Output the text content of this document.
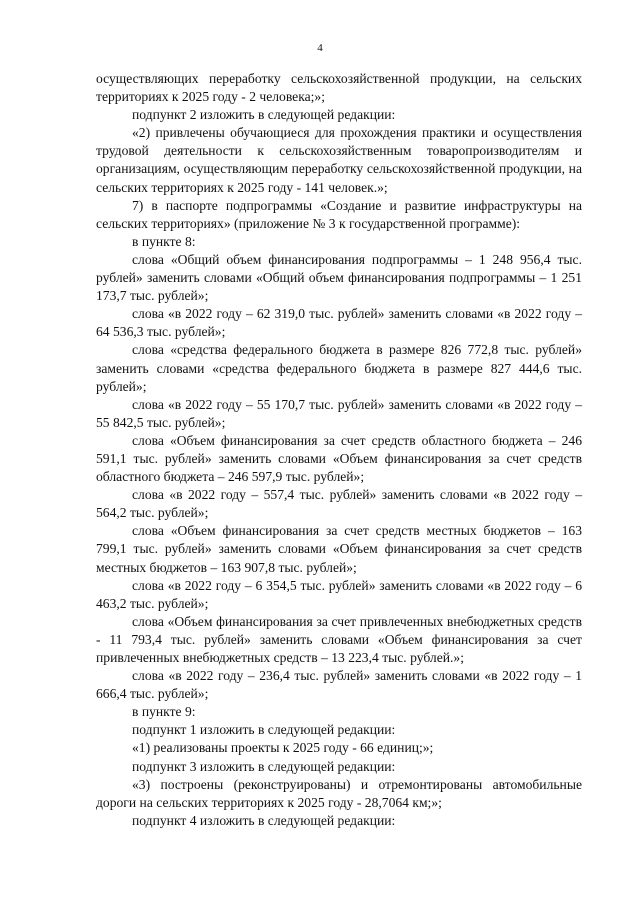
4

осуществляющих переработку сельскохозяйственной продукции, на сельских территориях к 2025 году - 2 человека;»;

подпункт 2 изложить в следующей редакции:

«2) привлечены обучающиеся для прохождения практики и осуществления трудовой деятельности к сельскохозяйственным товаропроизводителям и организациям, осуществляющим переработку сельскохозяйственной продукции, на сельских территориях к 2025 году - 141 человек.»;

7) в паспорте подпрограммы «Создание и развитие инфраструктуры на сельских территориях» (приложение № 3 к государственной программе):

в пункте 8:

слова «Общий объем финансирования подпрограммы – 1 248 956,4 тыс. рублей» заменить словами «Общий объем финансирования подпрограммы – 1 251 173,7 тыс. рублей»;

слова «в 2022 году – 62 319,0 тыс. рублей» заменить словами «в 2022 году – 64 536,3 тыс. рублей»;

слова «средства федерального бюджета в размере 826 772,8 тыс. рублей» заменить словами «средства федерального бюджета в размере 827 444,6 тыс. рублей»;

слова «в 2022 году – 55 170,7 тыс. рублей» заменить словами «в 2022 году – 55 842,5 тыс. рублей»;

слова «Объем финансирования за счет средств областного бюджета – 246 591,1 тыс. рублей» заменить словами «Объем финансирования за счет средств областного бюджета – 246 597,9 тыс. рублей»;

слова «в 2022 году – 557,4 тыс. рублей» заменить словами «в 2022 году – 564,2 тыс. рублей»;

слова «Объем финансирования за счет средств местных бюджетов – 163 799,1 тыс. рублей» заменить словами «Объем финансирования за счет средств местных бюджетов – 163 907,8 тыс. рублей»;

слова «в 2022 году – 6 354,5 тыс. рублей» заменить словами «в 2022 году – 6 463,2 тыс. рублей»;

слова «Объем финансирования за счет привлеченных внебюджетных средств - 11 793,4 тыс. рублей» заменить словами «Объем финансирования за счет привлеченных внебюджетных средств – 13 223,4 тыс. рублей.»;

слова «в 2022 году – 236,4 тыс. рублей» заменить словами «в 2022 году – 1 666,4 тыс. рублей»;

в пункте 9:

подпункт 1 изложить в следующей редакции:

«1) реализованы проекты к 2025 году - 66 единиц;»;

подпункт 3 изложить в следующей редакции:

«3) построены (реконструированы) и отремонтированы автомобильные дороги на сельских территориях к 2025 году - 28,7064 км;»;

подпункт 4 изложить в следующей редакции:
